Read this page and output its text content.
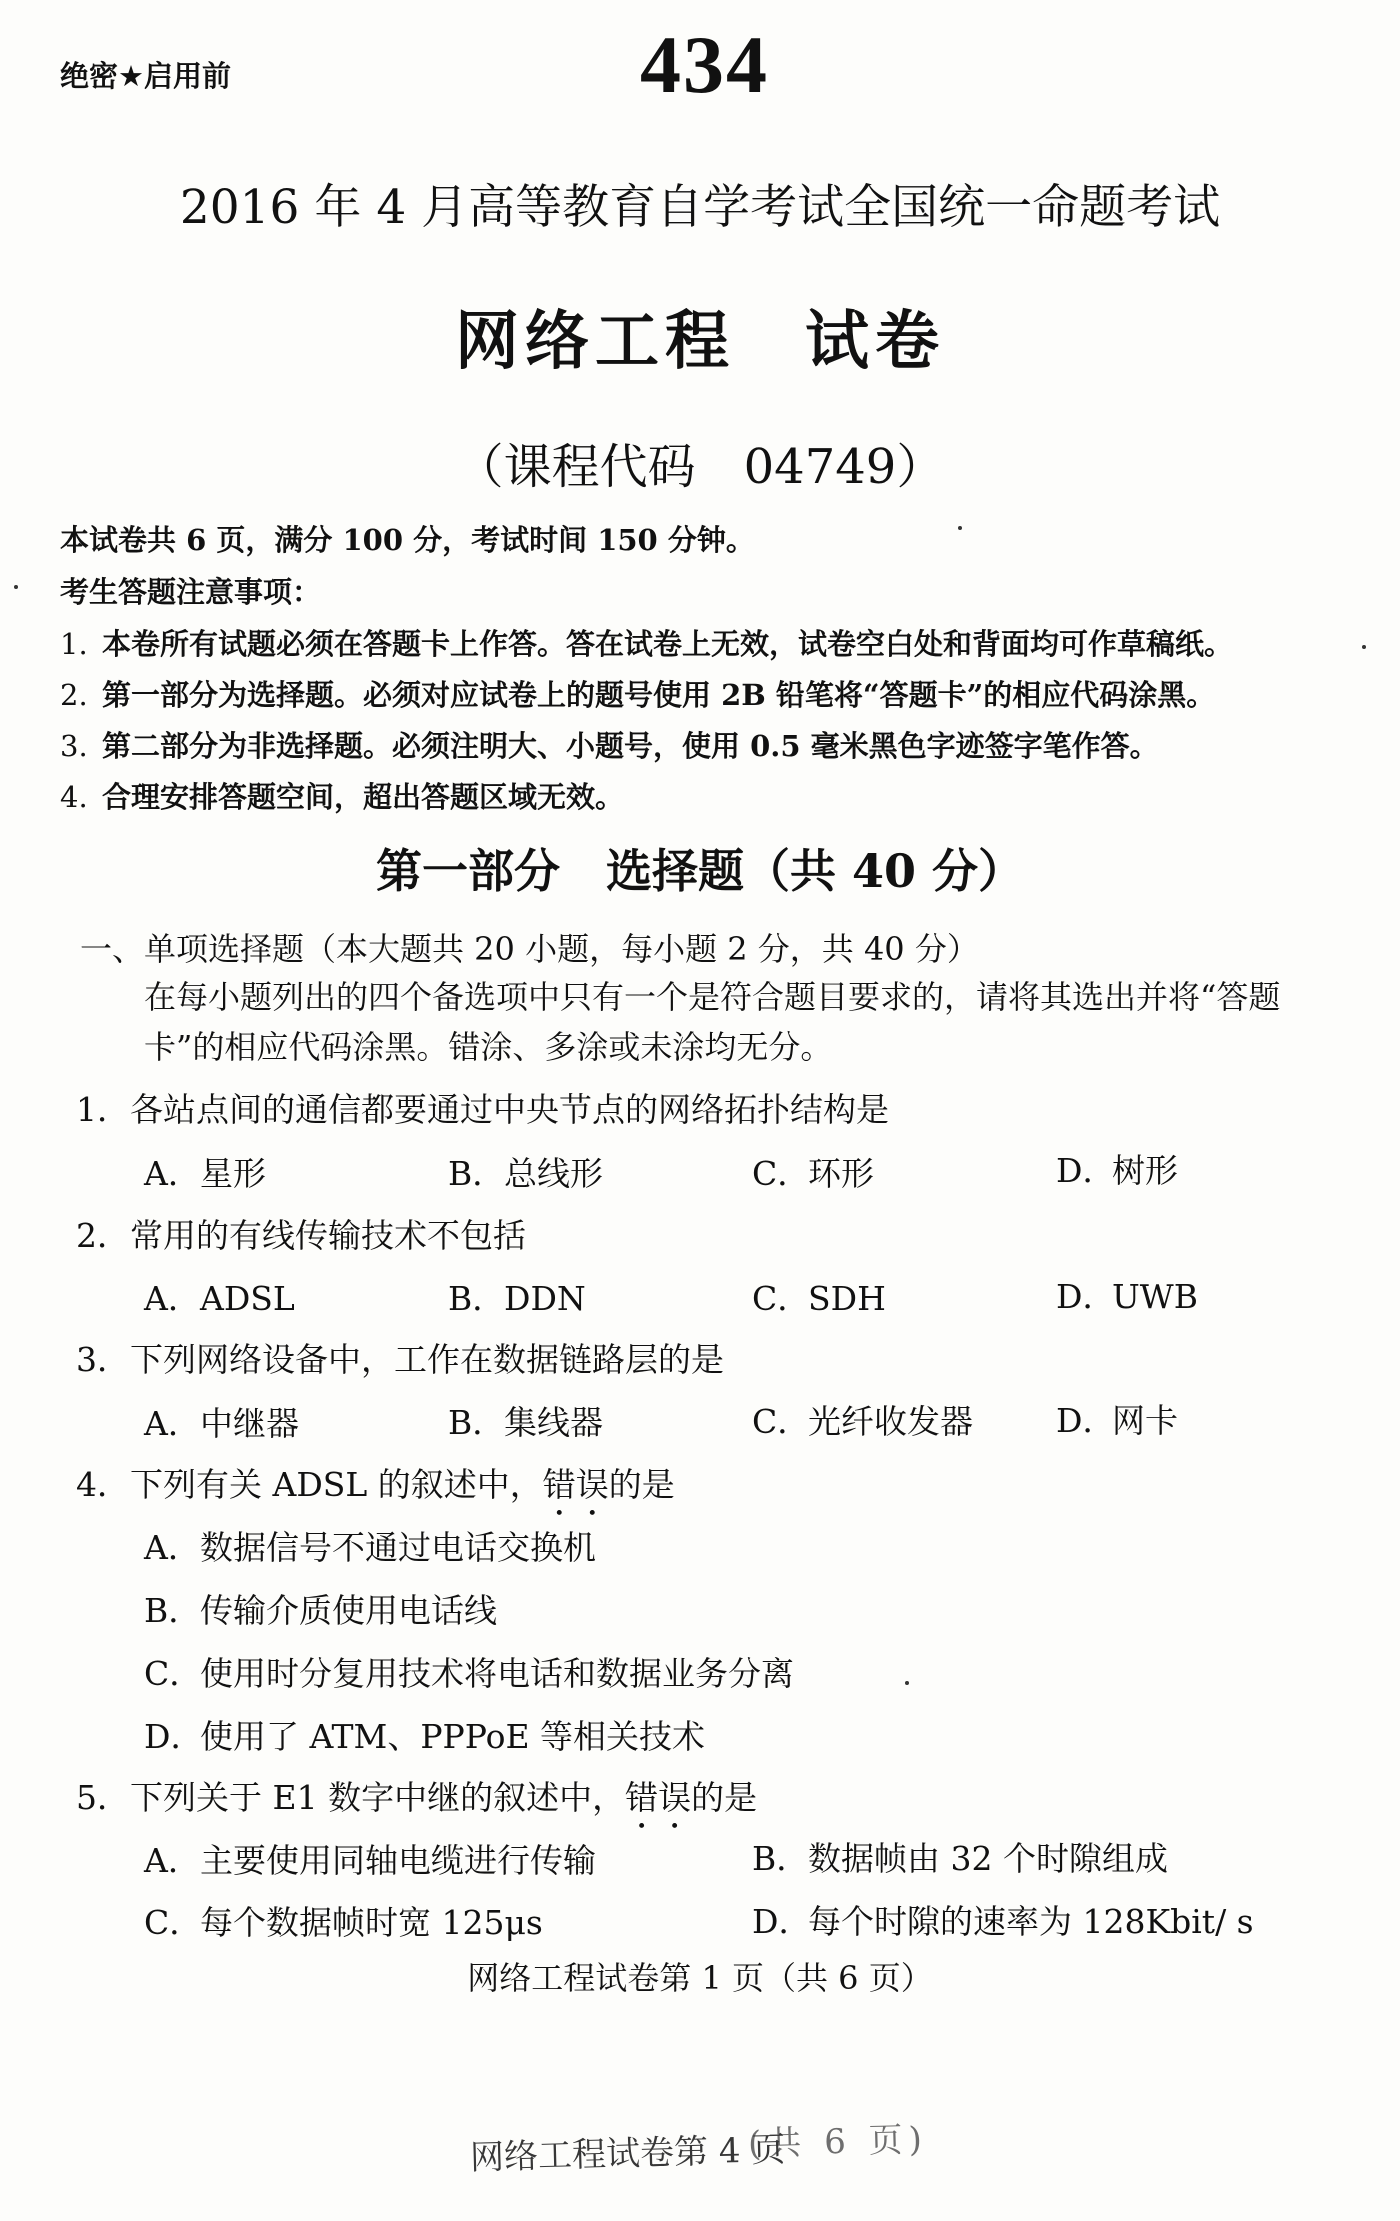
绝密★启用前	434
2016 年 4 月高等教育自学考试全国统一命题考试
网络工程　试卷
（课程代码　04749）
本试卷共 6 页，满分 100 分，考试时间 150 分钟。
考生答题注意事项：
1. 本卷所有试题必须在答题卡上作答。答在试卷上无效，试卷空白处和背面均可作草稿纸。
2. 第一部分为选择题。必须对应试卷上的题号使用 2B 铅笔将“答题卡”的相应代码涂黑。
3. 第二部分为非选择题。必须注明大、小题号，使用 0.5 毫米黑色字迹签字笔作答。
4. 合理安排答题空间，超出答题区域无效。
第一部分　选择题（共 40 分）
一、单项选择题（本大题共 20 小题，每小题 2 分，共 40 分）
在每小题列出的四个备选项中只有一个是符合题目要求的，请将其选出并将“答题
卡”的相应代码涂黑。错涂、多涂或未涂均无分。
1．各站点间的通信都要通过中央节点的网络拓扑结构是
A．星形	B．总线形	C．环形	D．树形
2．常用的有线传输技术不包括
A．ADSL	B．DDN	C．SDH	D．UWB
3．下列网络设备中，工作在数据链路层的是
A．中继器	B．集线器	C．光纤收发器	D．网卡
4．下列有关 ADSL 的叙述中，错误的是
A．数据信号不通过电话交换机
B．传输介质使用电话线
C．使用时分复用技术将电话和数据业务分离
D．使用了 ATM、PPPoE 等相关技术
5．下列关于 E1 数字中继的叙述中，错误的是
A．主要使用同轴电缆进行传输	B．数据帧由 32 个时隙组成
C．每个数据帧时宽 125μs	D．每个时隙的速率为 128Kbit/ s
网络工程试卷第 1 页（共 6 页）
网络工程试卷第 4 页
(共 6 页)
